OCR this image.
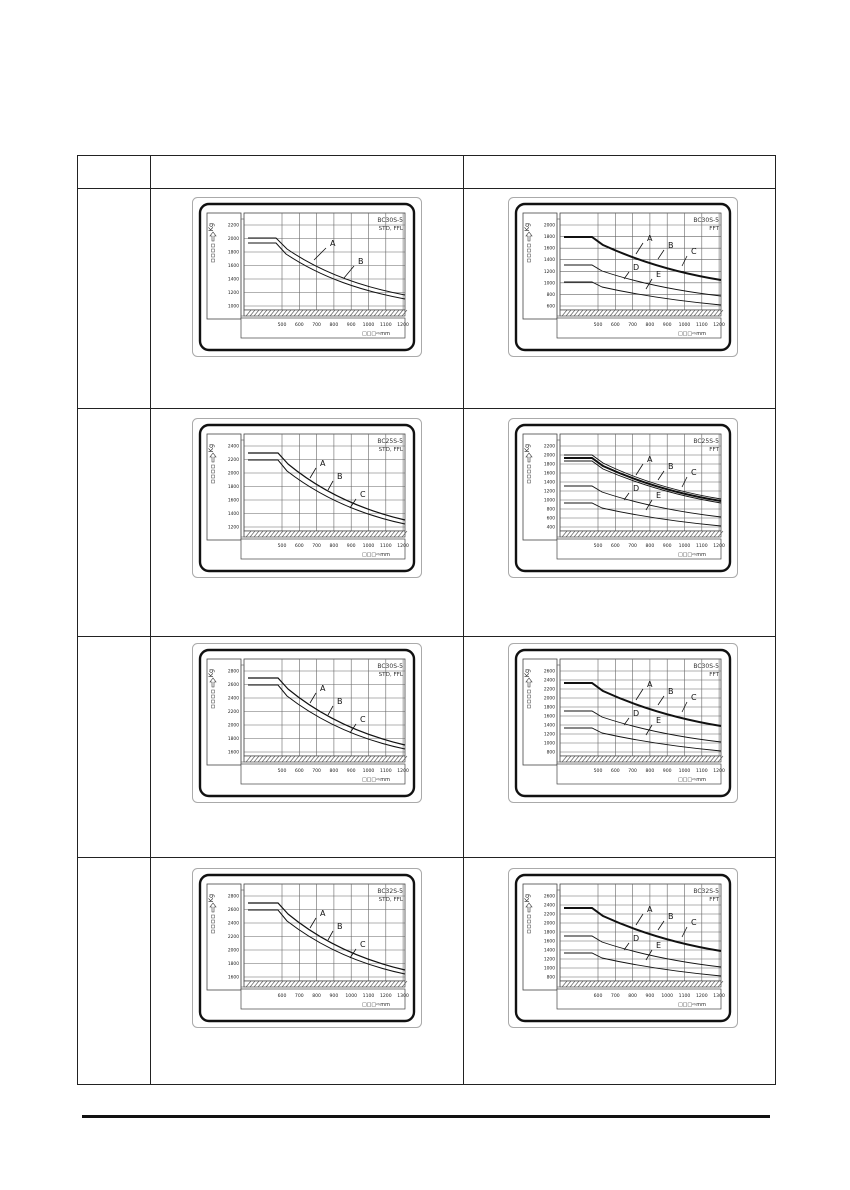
2200
2000
1800
1600
1400
1200
1000
Kg
BC30S-5
STD, FFL
A
B
□□□⇨mm
500 600 700 800 900 1000 1100 1200
2000
1800
1600
1400
1200
1000
800
600
Kg
BC30S-5
FFT
A
B
C
D
E
□□□⇨mm
500 600 700 800 900 1000 1100 1200
2400
2200
2000
1800
1600
1400
1200
Kg
BC25S-5
STD, FFL
A
B
C
□□□⇨mm
500 600 700 800 900 1000 1100 1200
2200
2000
1800
1600
1400
1200
1000
800
600
400
Kg
BC25S-5
FFT
A
B
C
D
E
□□□⇨mm
500 600 700 800 900 1000 1100 1200
2800
2600
2400
2200
2000
1800
1600
Kg
BC30S-5
STD, FFL
A
B
C
□□□⇨mm
500 600 700 800 900 1000 1100 1200
2600
2400
2200
2000
1800
1600
1400
1200
1000
800
Kg
BC30S-5
FFT
A
B
C
D
E
□□□⇨mm
500 600 700 800 900 1000 1100 1200
2800
2600
2400
2200
2000
1800
1600
Kg
BC32S-5
STD, FFL
A
B
C
□□□⇨mm
600 700 800 900 1000 1100 1200 1300
2600
2400
2200
2000
1800
1600
1400
1200
1000
800
Kg
BC32S-5
FFT
A
B
C
D
E
□□□⇨mm
600 700 800 900 1000 1100 1200 1300
